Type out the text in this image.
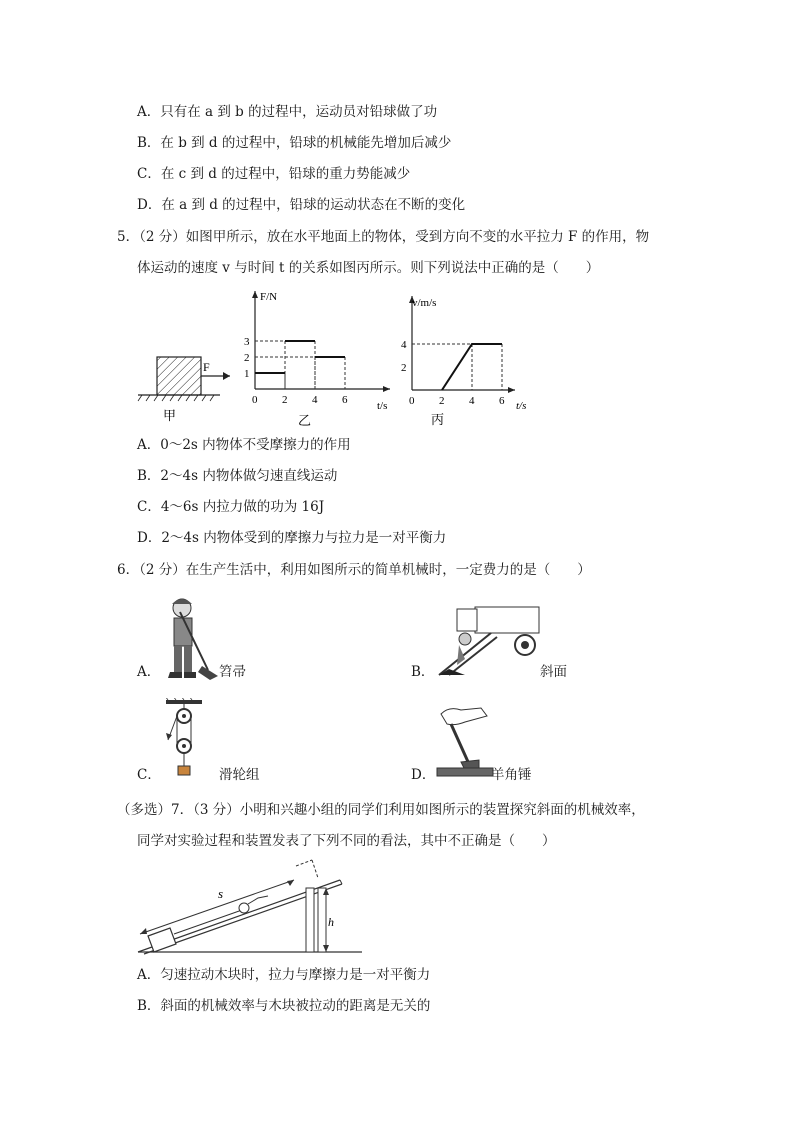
A．只有在 a 到 b 的过程中，运动员对铅球做了功
B．在 b 到 d 的过程中，铅球的机械能先增加后减少
C．在 c 到 d 的过程中，铅球的重力势能减少
D．在 a 到 d 的过程中，铅球的运动状态在不断的变化
5．（2 分）如图甲所示，放在水平地面上的物体，受到方向不变的水平拉力 F 的作用，物
体运动的速度 v 与时间 t 的关系如图丙所示。则下列说法中正确的是（　　）
F
甲
0 2 4 6
1
2
3
F/N
t/s
乙
0 2 4 6
2
4
v/m/s
t/s
丙
A．0～2s 内物体不受摩擦力的作用
B．2～4s 内物体做匀速直线运动
C．4～6s 内拉力做的功为 16J
D．2～4s 内物体受到的摩擦力与拉力是一对平衡力
6．（2 分）在生产生活中，利用如图所示的简单机械时，一定费力的是（　　）
A．	笤帚	B．	斜面
C．	滑轮组	D．	羊角锤
（多选）7．（3 分）小明和兴趣小组的同学们利用如图所示的装置探究斜面的机械效率，
同学对实验过程和装置发表了下列不同的看法，其中不正确是（　　）
s
h
A．匀速拉动木块时，拉力与摩擦力是一对平衡力
B．斜面的机械效率与木块被拉动的距离是无关的
